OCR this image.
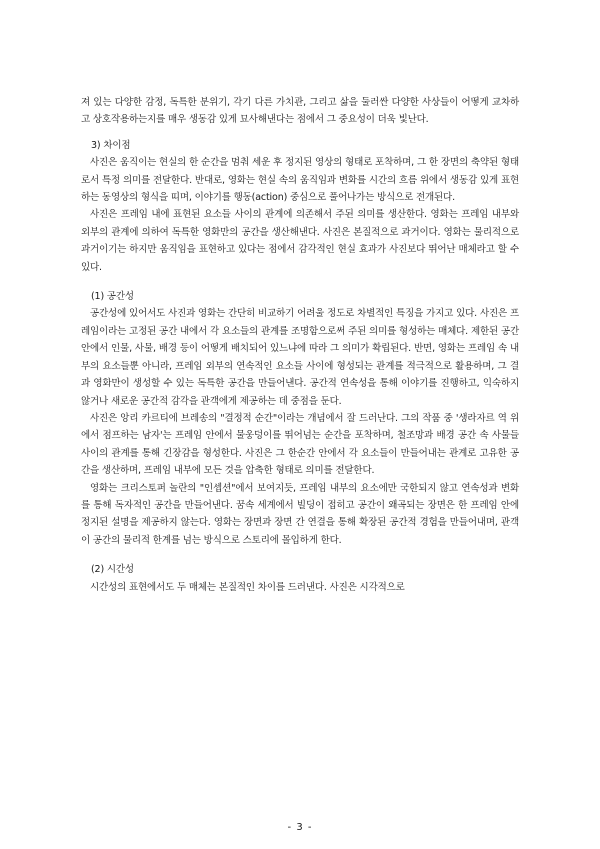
져 있는 다양한 감정, 독특한 분위기, 각기 다른 가치관, 그리고 삶을 둘러싼 다양한 사상들이 어떻게 교차하고 상호작용하는지를 매우 생동감 있게 묘사해낸다는 점에서 그 중요성이 더욱 빛난다.

3) 차이점

사진은 움직이는 현실의 한 순간을 멈춰 세운 후 정지된 영상의 형태로 포착하며, 그 한 장면의 축약된 형태로서 특정 의미를 전달한다. 반대로, 영화는 현실 속의 움직임과 변화를 시간의 흐름 위에서 생동감 있게 표현하는 동영상의 형식을 띠며, 이야기를 행동(action) 중심으로 풀어나가는 방식으로 전개된다.

사진은 프레임 내에 표현된 요소들 사이의 관계에 의존해서 주된 의미를 생산한다. 영화는 프레임 내부와 외부의 관계에 의하여 독특한 영화만의 공간을 생산해낸다. 사진은 본질적으로 과거이다. 영화는 물리적으로 과거이기는 하지만 움직임을 표현하고 있다는 점에서 감각적인 현실 효과가 사진보다 뛰어난 매체라고 할 수 있다.

(1) 공간성

공간성에 있어서도 사진과 영화는 간단히 비교하기 어려울 정도로 차별적인 특징을 가지고 있다. 사진은 프레임이라는 고정된 공간 내에서 각 요소들의 관계를 조명함으로써 주된 의미를 형성하는 매체다. 제한된 공간 안에서 인물, 사물, 배경 등이 어떻게 배치되어 있느냐에 따라 그 의미가 확립된다. 반면, 영화는 프레임 속 내부의 요소들뿐 아니라, 프레임 외부의 연속적인 요소들 사이에 형성되는 관계를 적극적으로 활용하며, 그 결과 영화만이 생성할 수 있는 독특한 공간을 만들어낸다. 공간적 연속성을 통해 이야기를 진행하고, 익숙하지 않거나 새로운 공간적 감각을 관객에게 제공하는 데 중점을 둔다.

사진은 앙리 카르티에 브레송의 "결정적 순간"이라는 개념에서 잘 드러난다. 그의 작품 중 '생라자르 역 위에서 점프하는 남자'는 프레임 안에서 물웅덩이를 뛰어넘는 순간을 포착하며, 철조망과 배경 공간 속 사물들 사이의 관계를 통해 긴장감을 형성한다. 사진은 그 한순간 안에서 각 요소들이 만들어내는 관계로 고유한 공간을 생산하며, 프레임 내부에 모든 것을 압축한 형태로 의미를 전달한다.

영화는 크리스토퍼 놀란의 "인셉션"에서 보여지듯, 프레임 내부의 요소에만 국한되지 않고 연속성과 변화를 통해 독자적인 공간을 만들어낸다. 꿈속 세계에서 빌딩이 접히고 공간이 왜곡되는 장면은 한 프레임 안에 정지된 설명을 제공하지 않는다. 영화는 장면과 장면 간 연결을 통해 확장된 공간적 경험을 만들어내며, 관객이 공간의 물리적 한계를 넘는 방식으로 스토리에 몰입하게 한다.

(2) 시간성

시간성의 표현에서도 두 매체는 본질적인 차이를 드러낸다. 사진은 시각적으로

- 3 -
